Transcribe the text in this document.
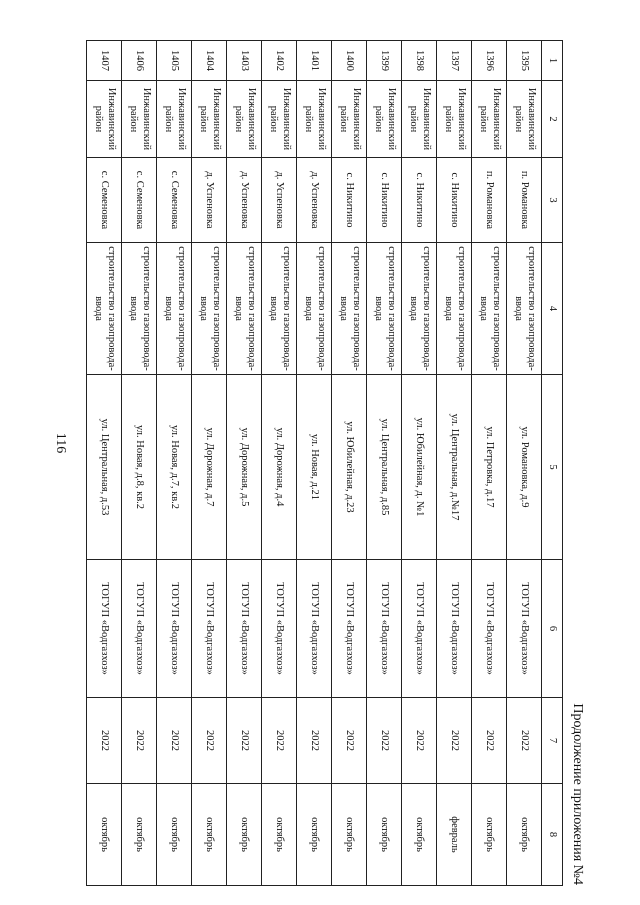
116
Продолжение приложения №4
1	2	3	4	5	6	7	8
1395	Инжавинский район	п. Романовка	строительство газопровода-ввода	ул. Романовка, д.9	ТОГУП «Водгазхоз»	2022	октябрь
1396	Инжавинский район	п. Романовка	строительство газопровода-ввода	ул. Петровка, д.17	ТОГУП «Водгазхоз»	2022	октябрь
1397	Инжавинский район	с. Никитино	строительство газопровода-ввода	ул. Центральная, д.№17	ТОГУП «Водгазхоз»	2022	февраль
1398	Инжавинский район	с. Никитино	строительство газопровода-ввода	ул. Юбилейная, д. №1	ТОГУП «Водгазхоз»	2022	октябрь
1399	Инжавинский район	с. Никитино	строительство газопровода-ввода	ул. Центральная, д.85	ТОГУП «Водгазхоз»	2022	октябрь
1400	Инжавинский район	с. Никитино	строительство газопровода-ввода	ул. Юбилейная, д.23	ТОГУП «Водгазхоз»	2022	октябрь
1401	Инжавинский район	д. Успеновка	строительство газопровода-ввода	ул. Новая, д.21	ТОГУП «Водгазхоз»	2022	октябрь
1402	Инжавинский район	д. Успеновка	строительство газопровода-ввода	ул. Дорожная, д.4	ТОГУП «Водгазхоз»	2022	октябрь
1403	Инжавинский район	д. Успеновка	строительство газопровода-ввода	ул. Дорожная, д.5	ТОГУП «Водгазхоз»	2022	октябрь
1404	Инжавинский район	д. Успеновка	строительство газопровода-ввода	ул. Дорожная, д.7	ТОГУП «Водгазхоз»	2022	октябрь
1405	Инжавинский район	с. Семеновка	строительство газопровода-ввода	ул. Новая, д.7, кв.2	ТОГУП «Водгазхоз»	2022	октябрь
1406	Инжавинский район	с. Семеновка	строительство газопровода-ввода	ул. Новая, д.8, кв.2	ТОГУП «Водгазхоз»	2022	октябрь
1407	Инжавинский район	с. Семеновка	строительство газопровода-ввода	ул. Центральная, д.53	ТОГУП «Водгазхоз»	2022	октябрь
